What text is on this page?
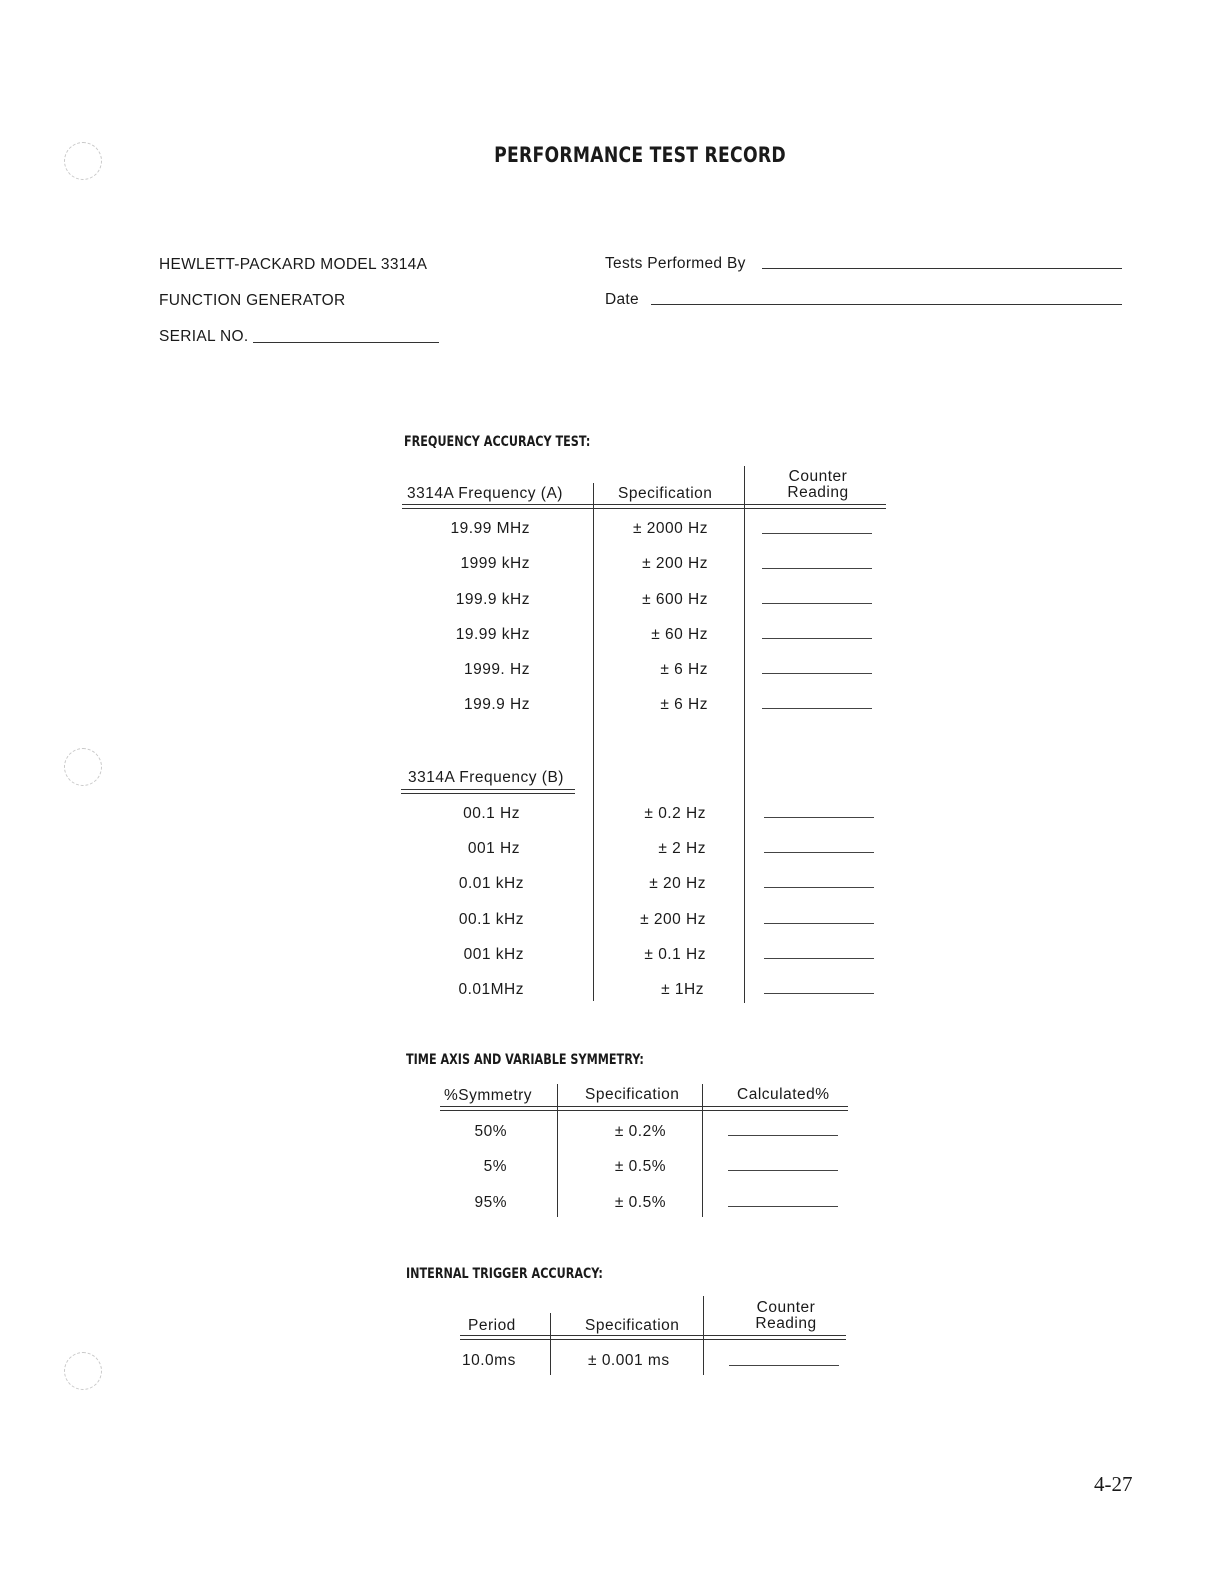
PERFORMANCE TEST RECORD
HEWLETT-PACKARD MODEL 3314A
FUNCTION GENERATOR
SERIAL NO.
Tests Performed By
Date
FREQUENCY ACCURACY TEST:
3314A Frequency (A)	Specification
Counter
Reading
19.99 MHz	± 2000 Hz
1999 kHz	± 200 Hz
199.9 kHz	± 600 Hz
19.99 kHz	± 60 Hz
1999. Hz	± 6 Hz
199.9 Hz	± 6 Hz
3314A Frequency (B)
00.1 Hz	± 0.2 Hz
001 Hz	± 2 Hz
0.01 kHz	± 20 Hz
00.1 kHz	± 200 Hz
001 kHz	± 0.1 Hz
0.01MHz	± 1Hz
TIME AXIS AND VARIABLE SYMMETRY:
%Symmetry	Specification	Calculated%
50%	± 0.2%
5%	± 0.5%
95%	± 0.5%
INTERNAL TRIGGER ACCURACY:
Period	Specification
Counter
Reading
10.0ms	± 0.001 ms
4-27
